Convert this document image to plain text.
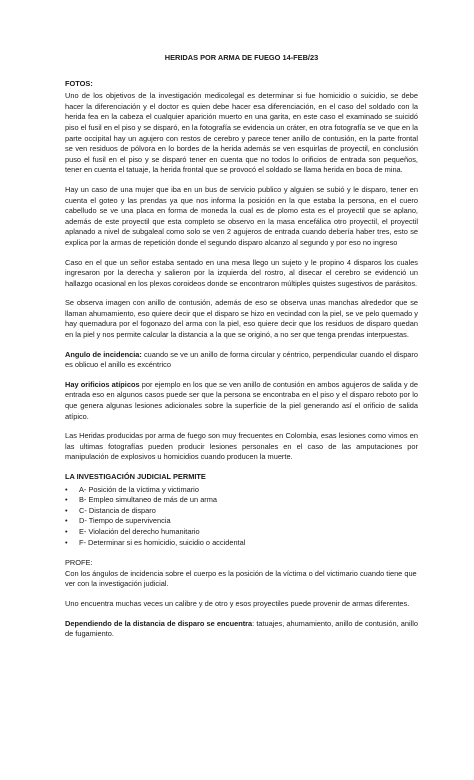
HERIDAS POR ARMA DE FUEGO 14-FEB/23
FOTOS:

Uno de los objetivos de la investigación medicolegal es determinar si fue homicidio o suicidio, se debe hacer la diferenciación y el doctor es quien debe hacer esa diferenciación, en el caso del soldado con la herida fea en la cabeza el cualquier aparición muerto en una garita, en este caso el examinado se suicidó piso el fusil en el piso y se disparó, en la fotografía se evidencia un cráter, en otra fotografía se ve que en la parte occipital hay un agujero con restos de cerebro y parece tener anillo de contusión, en la parte frontal se ven residuos de pólvora en lo bordes de la herida además se ven esquirlas de proyectil, en conclusión puso el fusil en el piso y se disparó tener en cuenta que no todos lo orificios de entrada son pequeños, tener en cuenta el tatuaje, la herida frontal que se provocó el soldado se llama herida en boca de mina.

Hay un caso de una mujer que iba en un bus de servicio publico y alguien se subió y le disparo, tener en cuenta el goteo y las prendas ya que nos informa la posición en la que estaba la persona, en el cuero cabelludo se ve una placa en forma de moneda la cual es de plomo esta es el proyectil que se aplano, además de este proyectil que esta completo se observo en la masa encefálica otro proyectil, el proyectil aplanado a nivel de subgaleal como solo se ven 2 agujeros de entrada cuando debería haber tres, esto se explica por la armas de repetición donde el segundo disparo alcanzo al segundo y por eso no ingreso

Caso en el que un señor estaba sentado en una mesa llego un sujeto y le propino 4 disparos los cuales ingresaron por la derecha y salieron por la izquierda del rostro, al disecar el cerebro se evidenció un hallazgo ocasional en los plexos coroideos donde se encontraron múltiples quistes sugestivos de parásitos.

Se observa imagen con anillo de contusión, además de eso se observa unas manchas alrededor que se llaman ahumamiento, eso quiere decir que el disparo se hizo en vecindad con la piel, se ve pelo quemado y hay quemadura por el fogonazo del arma con la piel, eso quiere decir que los residuos de disparo quedan en la piel y nos permite calcular la distancia a la que se originó, a no ser que tenga prendas interpuestas.

Angulo de incidencia: cuando se ve un anillo de forma circular y céntrico, perpendicular cuando el disparo es oblicuo el anillo es excéntrico

Hay orificios atípicos por ejemplo en los que se ven anillo de contusión en ambos agujeros de salida y de entrada eso en algunos casos puede ser que la persona se encontraba en el piso y el disparo reboto por lo que genera algunas lesiones adicionales sobre la superficie de la piel generando así el orificio de salida atípico.

Las Heridas producidas por arma de fuego son muy frecuentes en Colombia, esas lesiones como vimos en las ultimas fotografías pueden producir lesiones personales en el caso de las amputaciones por manipulación de explosivos u homicidios cuando producen la muerte.

LA INVESTIGACIÓN JUDICIAL PERMITE
• A- Posición de la víctima y victimario
• B- Empleo simultaneo de más de un arma
• C- Distancia de disparo
• D- Tiempo de supervivencia
• E- Violación del derecho humanitario
• F- Determinar si es homicidio, suicidio o accidental
PROFE:

Con los ángulos de incidencia sobre el cuerpo es la posición de la víctima o del victimario cuando tiene que ver con la investigación judicial.

Uno encuentra muchas veces un calibre y de otro y esos proyectiles puede provenir de armas diferentes.

Dependiendo de la distancia de disparo se encuentra: tatuajes, ahumamiento, anillo de contusión, anillo de fugamiento.
